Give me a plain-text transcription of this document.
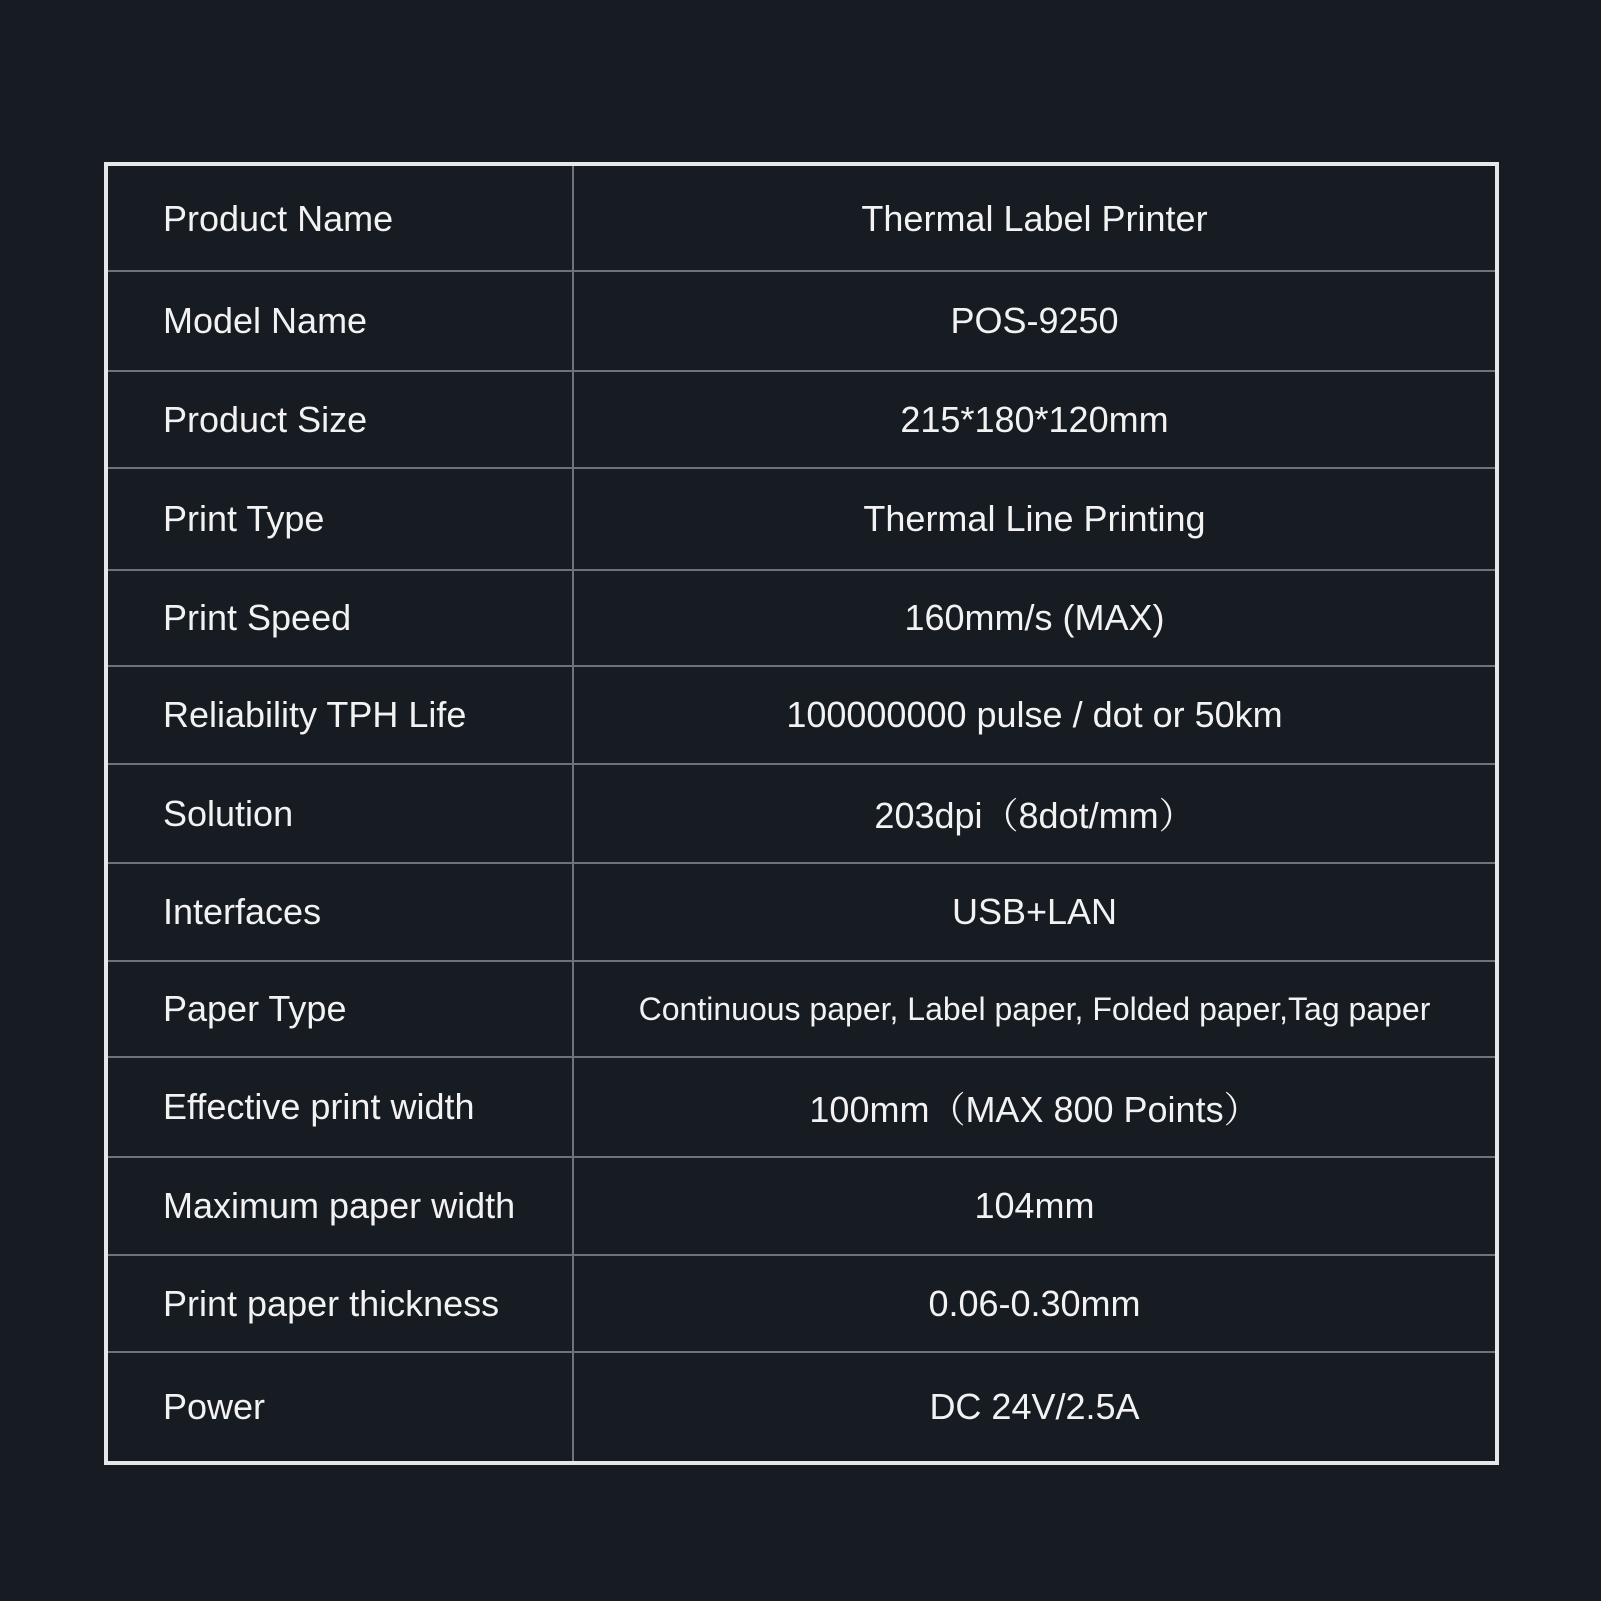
Product Name	Thermal Label Printer
Model Name	POS-9250
Product Size	215*180*120mm
Print Type	Thermal Line Printing
Print Speed	160mm/s (MAX)
Reliability TPH Life	100000000 pulse / dot or 50km
Solution	203dpi（8dot/mm）
Interfaces	USB+LAN
Paper Type	Continuous paper, Label paper, Folded paper,Tag paper
Effective print width	100mm（MAX 800 Points）
Maximum paper width	104mm
Print paper thickness	0.06-0.30mm
Power	DC 24V/2.5A
